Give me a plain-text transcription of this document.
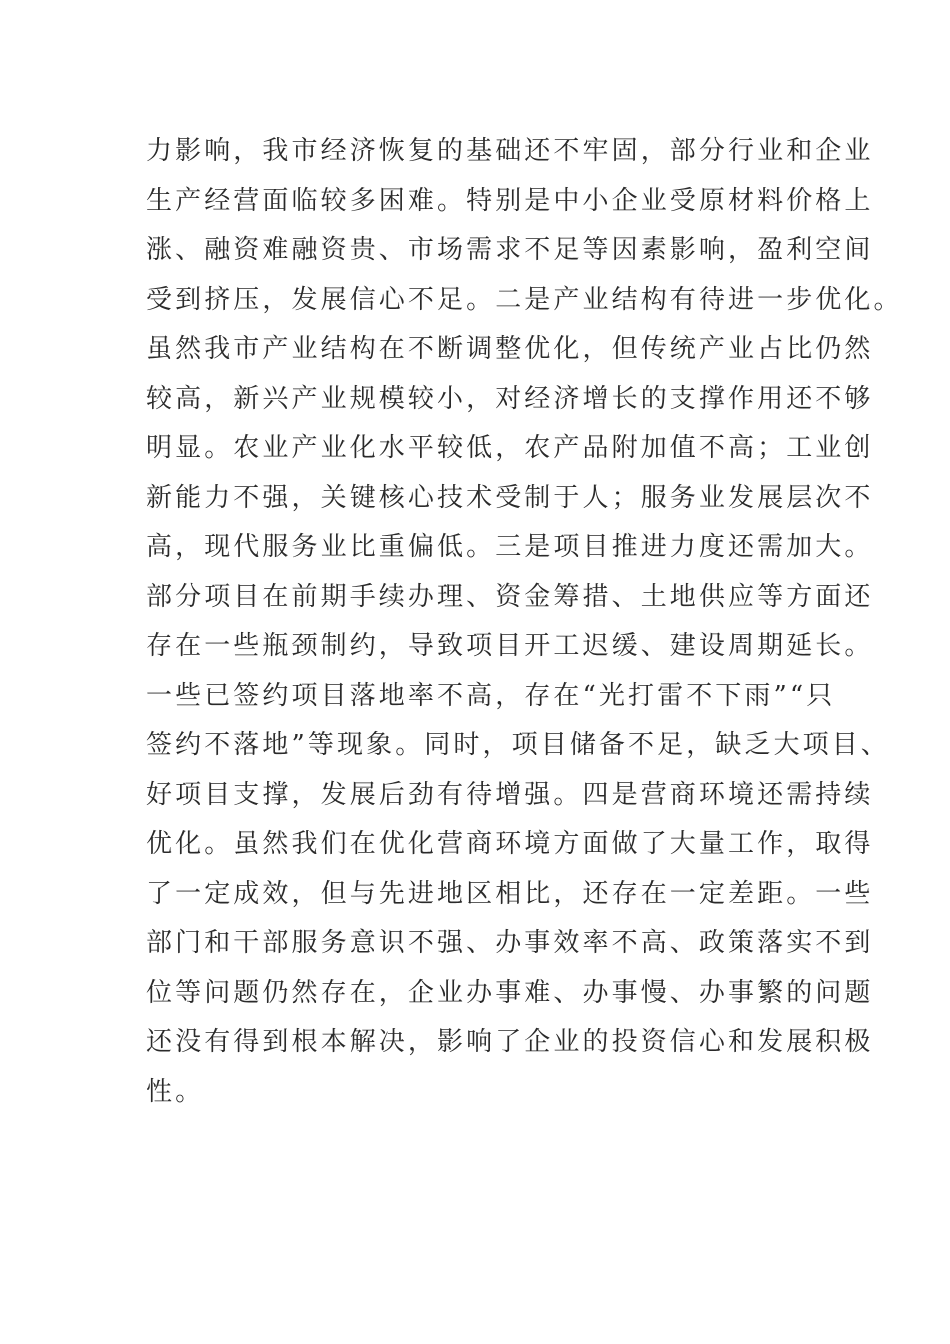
力影响，我市经济恢复的基础还不牢固，部分行业和企业
生产经营面临较多困难。特别是中小企业受原材料价格上
涨、融资难融资贵、市场需求不足等因素影响，盈利空间
受到挤压，发展信心不足。二是产业结构有待进一步优化。
虽然我市产业结构在不断调整优化，但传统产业占比仍然
较高，新兴产业规模较小，对经济增长的支撑作用还不够
明显。农业产业化水平较低，农产品附加值不高；工业创
新能力不强，关键核心技术受制于人；服务业发展层次不
高，现代服务业比重偏低。三是项目推进力度还需加大。
部分项目在前期手续办理、资金筹措、土地供应等方面还
存在一些瓶颈制约，导致项目开工迟缓、建设周期延长。
一些已签约项目落地率不高，存在“光打雷不下雨”“只
签约不落地”等现象。同时，项目储备不足，缺乏大项目、
好项目支撑，发展后劲有待增强。四是营商环境还需持续
优化。虽然我们在优化营商环境方面做了大量工作，取得
了一定成效，但与先进地区相比，还存在一定差距。一些
部门和干部服务意识不强、办事效率不高、政策落实不到
位等问题仍然存在，企业办事难、办事慢、办事繁的问题
还没有得到根本解决，影响了企业的投资信心和发展积极
性。
